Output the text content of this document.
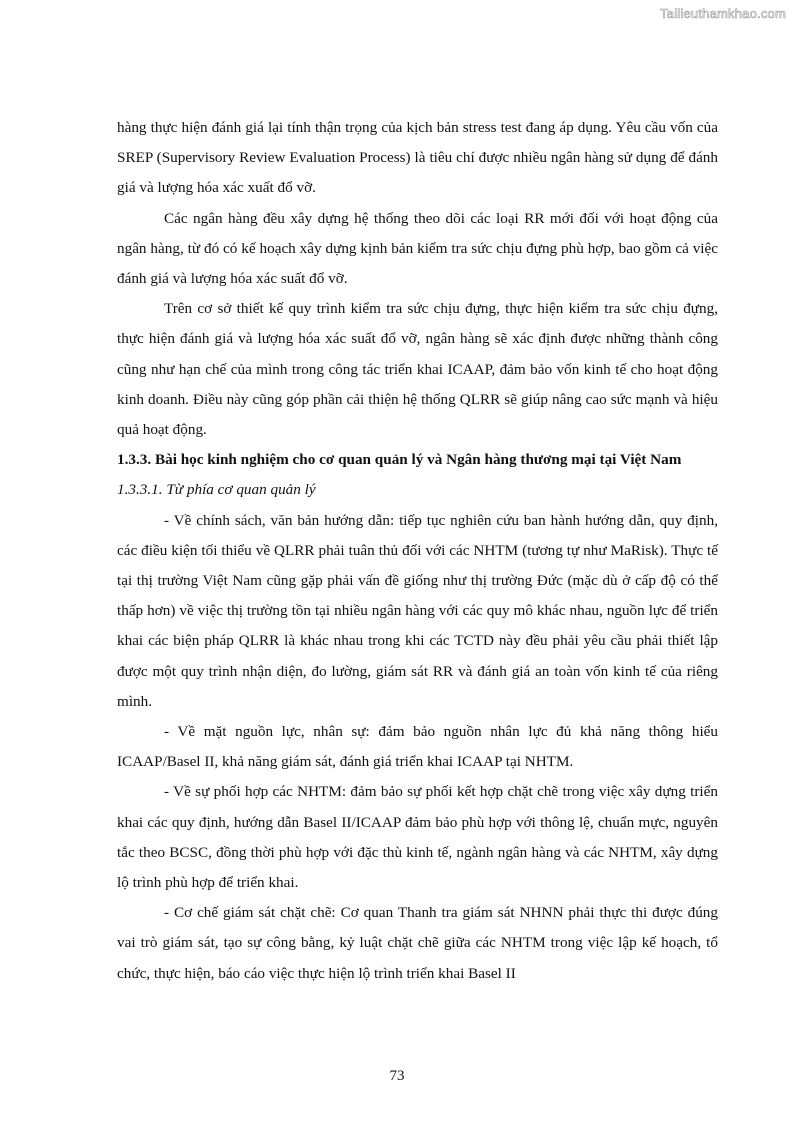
Tailieuthamkhao.com

hàng thực hiện đánh giá lại tính thận trọng của kịch bản stress test đang áp dụng. Yêu cầu vốn của SREP (Supervisory Review Evaluation Process) là tiêu chí được nhiều ngân hàng sử dụng để đánh giá và lượng hóa xác xuất đổ vỡ.

Các ngân hàng đều xây dựng hệ thống theo dõi các loại RR mới đối với hoạt động của ngân hàng, từ đó có kế hoạch xây dựng kịnh bản kiểm tra sức chịu đựng phù hợp, bao gồm cả việc đánh giá và lượng hóa xác suất đổ vỡ.

Trên cơ sở thiết kế quy trình kiểm tra sức chịu đựng, thực hiện kiểm tra sức chịu đựng, thực hiện đánh giá và lượng hóa xác suất đổ vỡ, ngân hàng sẽ xác định được những thành công cũng như hạn chế của mình trong công tác triển khai ICAAP, đảm bảo vốn kinh tế cho hoạt động kinh doanh. Điều này cũng góp phần cải thiện hệ thống QLRR sẽ giúp nâng cao sức mạnh và hiệu quả hoạt động.

1.3.3. Bài học kinh nghiệm cho cơ quan quản lý và Ngân hàng thương mại tại Việt Nam

1.3.3.1. Từ phía cơ quan quản lý

- Về chính sách, văn bản hướng dẫn: tiếp tục nghiên cứu ban hành hướng dẫn, quy định, các điều kiện tối thiểu về QLRR phải tuân thủ đối với các NHTM (tương tự như MaRisk). Thực tế tại thị trường Việt Nam cũng gặp phải vấn đề giống như thị trường Đức (mặc dù ở cấp độ có thể thấp hơn) về việc thị trường tồn tại nhiều ngân hàng với các quy mô khác nhau, nguồn lực để triển khai các biện pháp QLRR là khác nhau trong khi các TCTD này đều phải yêu cầu phải thiết lập được một quy trình nhận diện, đo lường, giám sát RR và đánh giá an toàn vốn kinh tế của riêng mình.

- Về mặt nguồn lực, nhân sự: đảm bảo nguồn nhân lực đủ khả năng thông hiểu ICAAP/Basel II, khả năng giám sát, đánh giá triển khai ICAAP tại NHTM.

- Về sự phối hợp các NHTM: đảm bảo sự phối kết hợp chặt chẽ trong việc xây dựng triển khai các quy định, hướng dẫn Basel II/ICAAP đảm bảo phù hợp với thông lệ, chuẩn mực, nguyên tắc theo BCSC, đồng thời phù hợp với đặc thù kinh tế, ngành ngân hàng và các NHTM, xây dựng lộ trình phù hợp để triển khai.

- Cơ chế giám sát chặt chẽ: Cơ quan Thanh tra giám sát NHNN phải thực thi được đúng vai trò giám sát, tạo sự công bằng, kỷ luật chặt chẽ giữa các NHTM trong việc lập kế hoạch, tổ chức, thực hiện, báo cáo việc thực hiện lộ trình triển khai Basel II

73
